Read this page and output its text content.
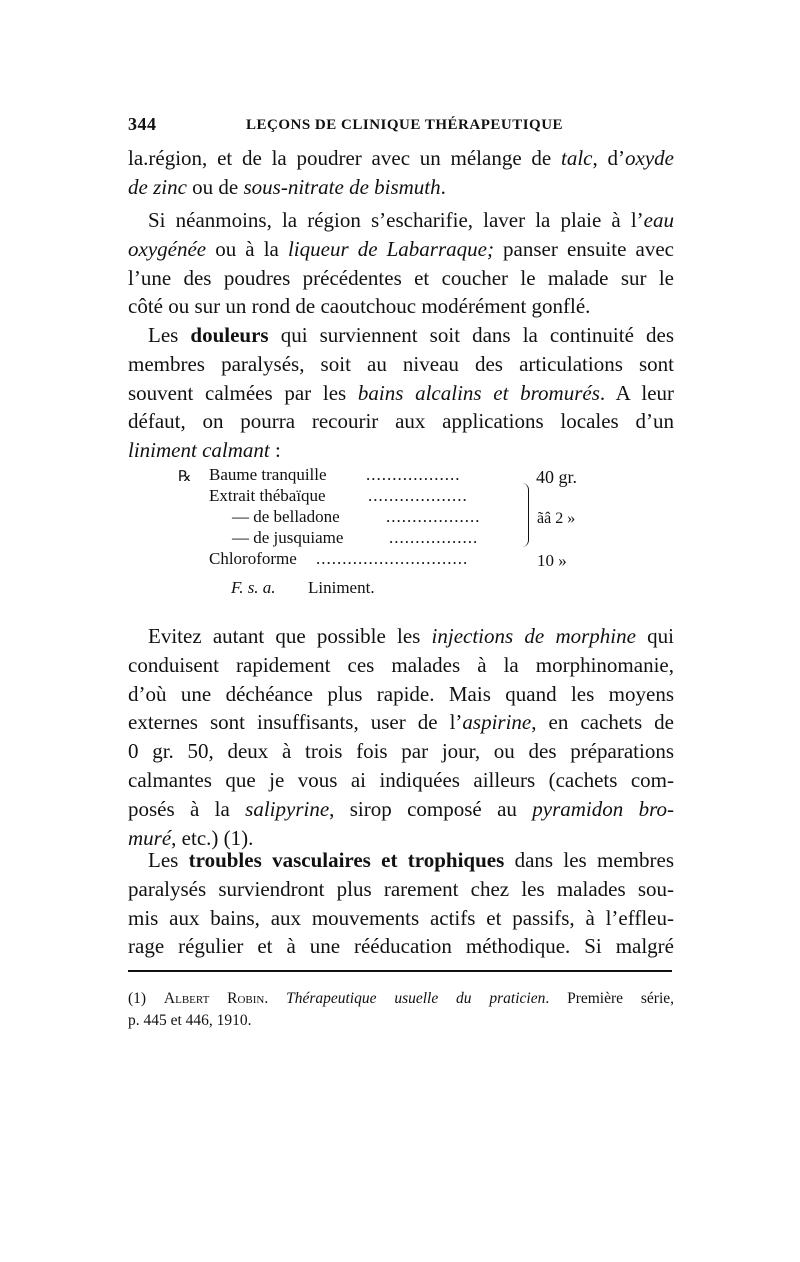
344	LEÇONS DE CLINIQUE THÉRAPEUTIQUE
la.région, et de la poudrer avec un mélange de talc, d’oxyde
de zinc ou de sous-nitrate de bismuth.
Si néanmoins, la région s’escharifie, laver la plaie à l’eau
oxygénée ou à la liqueur de Labarraque; panser ensuite avec
l’une des poudres précédentes et coucher le malade sur le
côté ou sur un rond de caoutchouc modérément gonflé.
Les douleurs qui surviennent soit dans la continuité des
membres paralysés, soit au niveau des articulations sont
souvent calmées par les bains alcalins et bromurés. A leur
défaut, on pourra recourir aux applications locales d’un
liniment calmant :
Evitez autant que possible les injections de morphine qui
conduisent rapidement ces malades à la morphinomanie,
d’où une déchéance plus rapide. Mais quand les moyens
externes sont insuffisants, user de l’aspirine, en cachets de
0 gr. 50, deux à trois fois par jour, ou des préparations
calmantes que je vous ai indiquées ailleurs (cachets com-
posés à la salipyrine, sirop composé au pyramidon bro-
muré, etc.) (1).
Les troubles vasculaires et trophiques dans les membres
paralysés surviendront plus rarement chez les malades sou-
mis aux bains, aux mouvements actifs et passifs, à l’effleu-
rage régulier et à une rééducation méthodique. Si malgré
℞ Baume tranquille ..................	40 gr.
Extrait thébaïque ...................
— de belladone	..................	ãâ 2 »
— de jusquiame	.................
Chloroforme .............................	10 »
F. s. a. Liniment.
(1) Albert Robin. Thérapeutique usuelle du praticien. Première série,
p. 445 et 446, 1910.
